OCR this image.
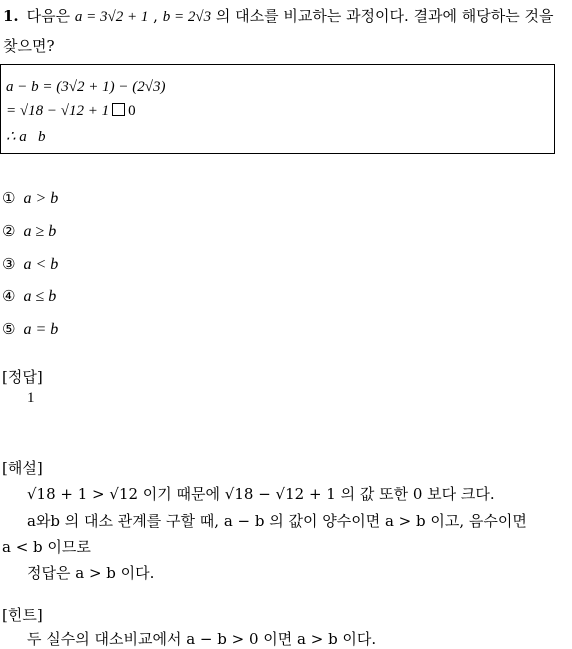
1. 다음은 a = 3√2 + 1 , b = 2√3 의 대소를 비교하는 과정이다. 결과에 해당하는 것을 찾으면?
a − b = (3√2 + 1) − (2√3)
= √18 − √12 + 1 0
∴ a   b
① a > b
② a ≥ b
③ a < b
④ a ≤ b
⑤ a = b
[정답]
1
[해설]
√18 + 1 > √12 이기 때문에 √18 − √12 + 1 의 값 또한 0 보다 크다.
a와b 의 대소 관계를 구할 때, a − b 의 값이 양수이면 a > b 이고, 음수이면
a < b 이므로
정답은 a > b 이다.
[힌트]
두 실수의 대소비교에서 a − b > 0 이면 a > b 이다.
